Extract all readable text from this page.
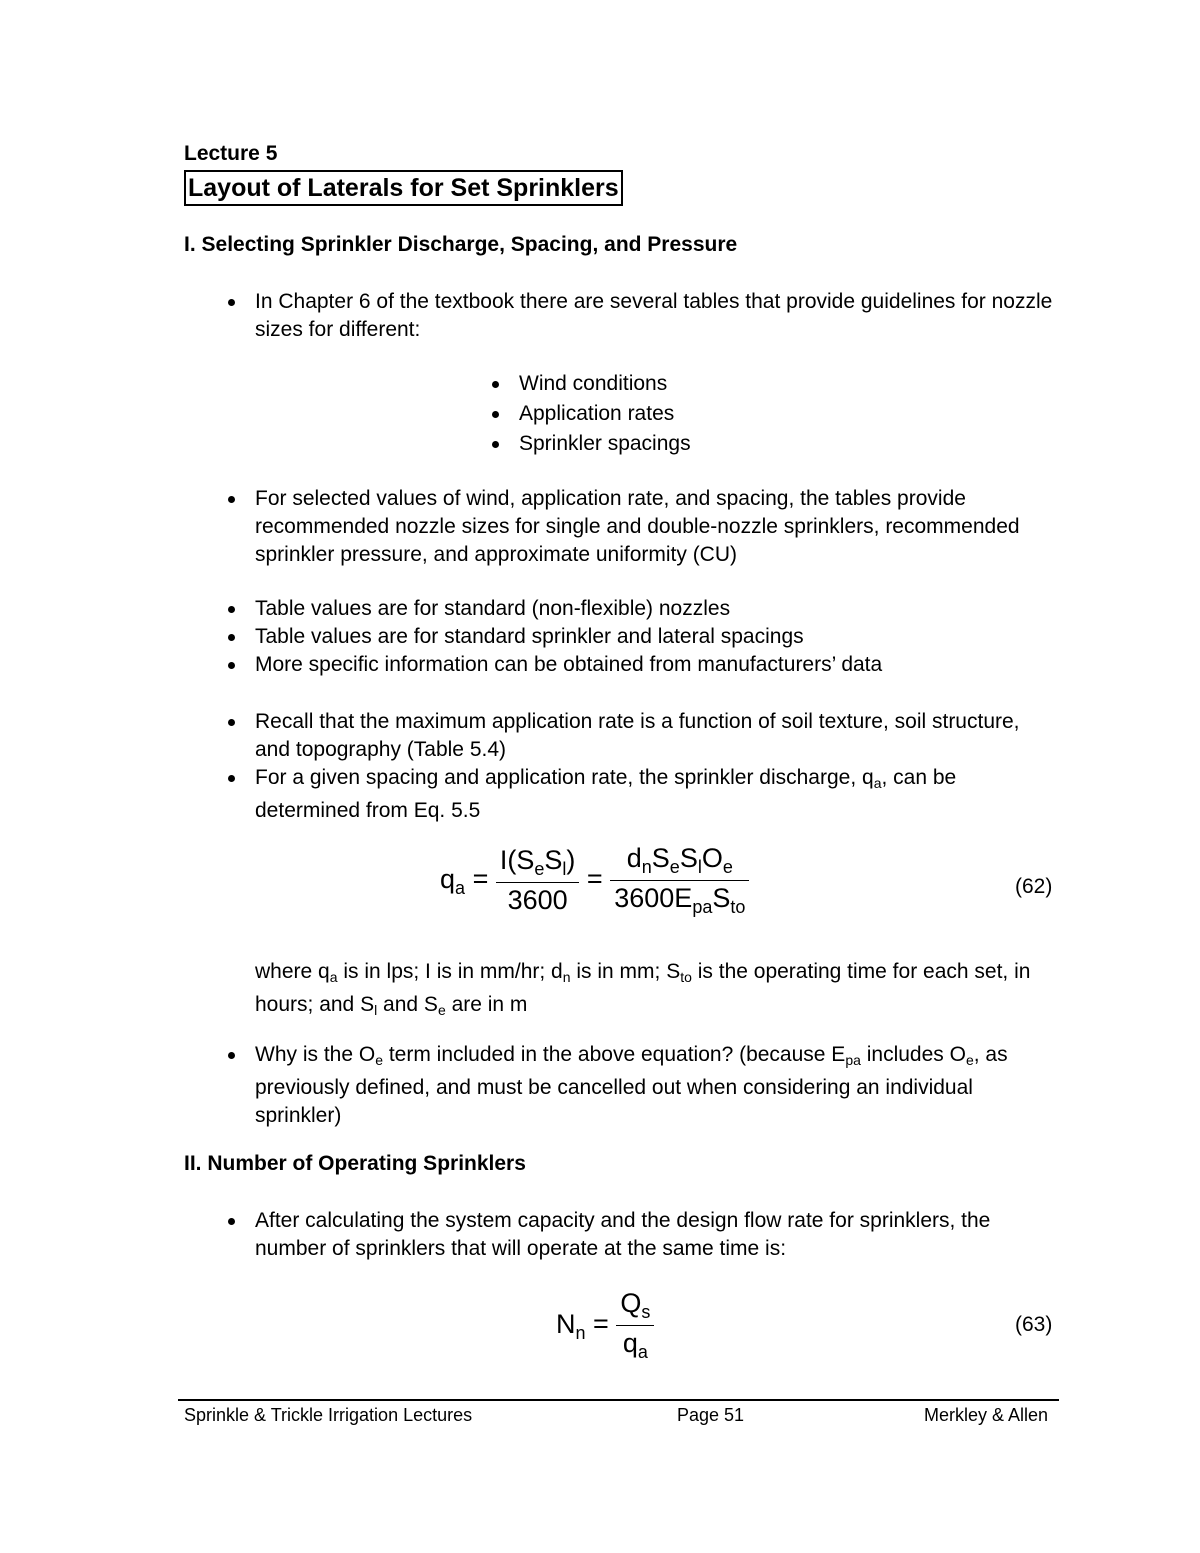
Lecture 5
Layout of Laterals for Set Sprinklers
I. Selecting Sprinkler Discharge, Spacing, and Pressure
In Chapter 6 of the textbook there are several tables that provide guidelines for nozzle sizes for different:
Wind conditions
Application rates
Sprinkler spacings
For selected values of wind, application rate, and spacing, the tables provide recommended nozzle sizes for single and double-nozzle sprinklers, recommended sprinkler pressure, and approximate uniformity (CU)
Table values are for standard (non-flexible) nozzles
Table values are for standard sprinkler and lateral spacings
More specific information can be obtained from manufacturers’ data
Recall that the maximum application rate is a function of soil texture, soil structure, and topography (Table 5.4)
For a given spacing and application rate, the sprinkler discharge, qa, can be determined from Eq. 5.5
$q_a = \frac{I(S_eS_l)}{3600} = \frac{d_nS_eS_lO_e}{3600E_{pa}S_{to}}$	(62)
where qa is in lps; I is in mm/hr; dn is in mm; Sto is the operating time for each set, in hours; and Sl and Se are in m
Why is the Oe term included in the above equation? (because Epa includes Oe, as previously defined, and must be cancelled out when considering an individual sprinkler)
II. Number of Operating Sprinklers
After calculating the system capacity and the design flow rate for sprinklers, the number of sprinklers that will operate at the same time is:
$N_n = \frac{Q_s}{q_a}$	(63)
Sprinkle & Trickle Irrigation Lectures	Page 51	Merkley & Allen
